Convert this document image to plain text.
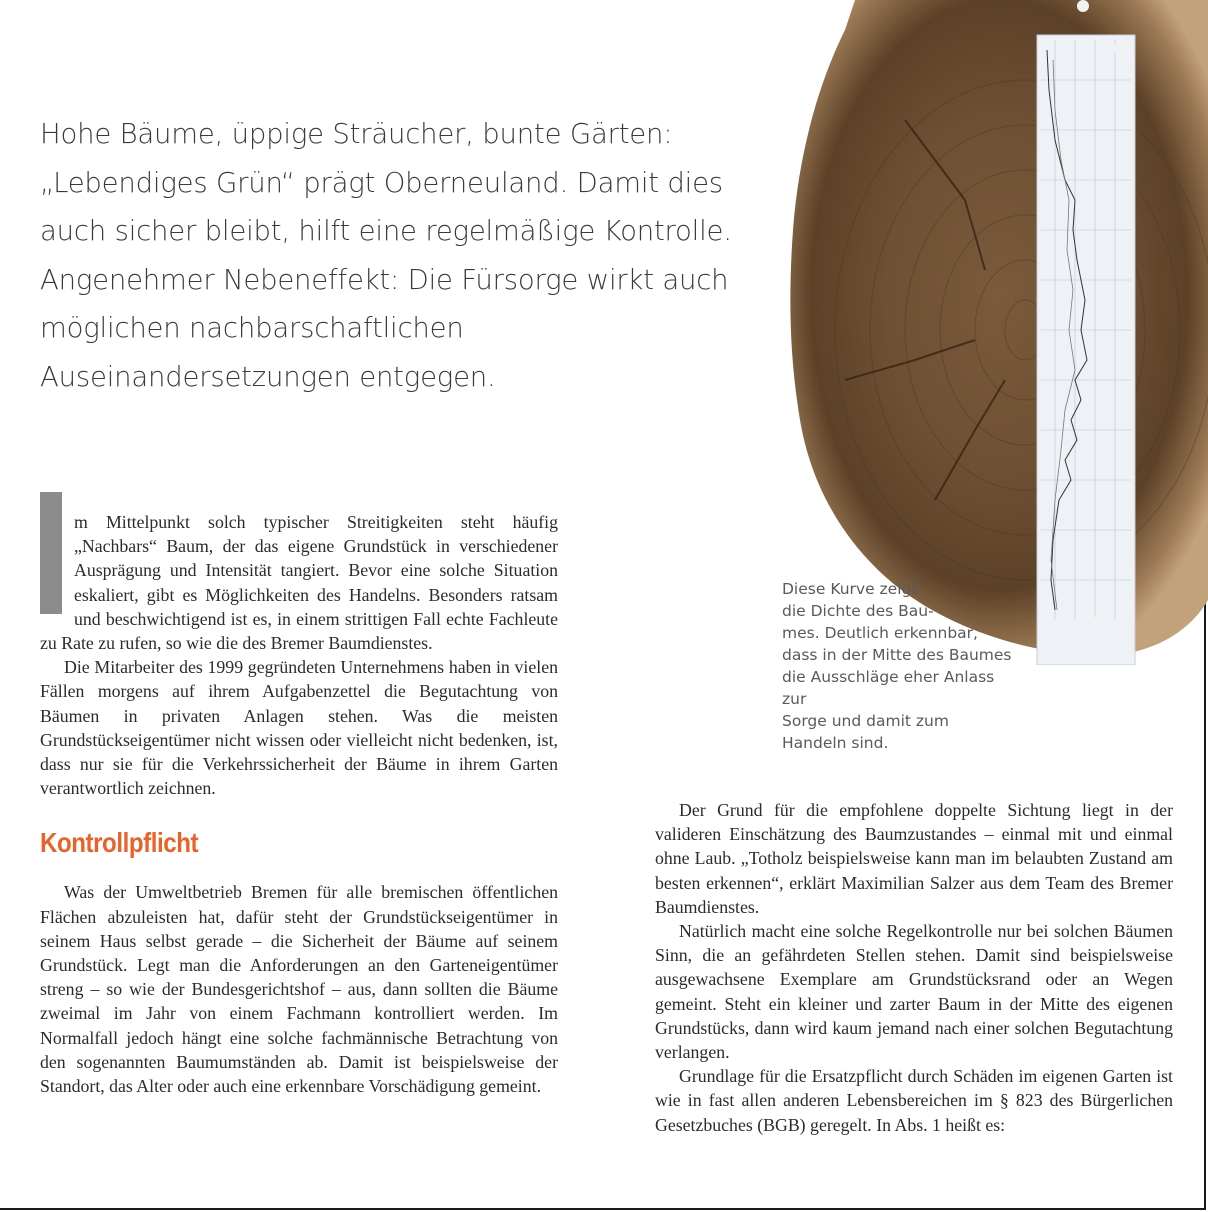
Hohe Bäume, üppige Sträucher, bunte Gärten: „Lebendiges Grün“ prägt Oberneuland. Damit dies auch sicher bleibt, hilft eine regelmäßige Kontrolle. Angenehmer Nebeneffekt: Die Fürsorge wirkt auch möglichen nachbarschaftlichen Auseinandersetzungen entgegen.

Diese Kurve zeigt
die Dichte des Bau-
mes. Deutlich erkennbar,
dass in der Mitte des Baumes
die Ausschläge eher Anlass zur
Sorge und damit zum Handeln sind.

m Mittelpunkt solch typischer Streitigkeiten steht häufig „Nachbars“ Baum, der das eigene Grundstück in verschiedener Ausprägung und Intensität tangiert. Bevor eine solche Situation eskaliert, gibt es Möglichkeiten des Handelns. Besonders ratsam und beschwichtigend ist es, in einem strittigen Fall echte Fachleute zu Rate zu rufen, so wie die des Bremer Baumdienstes.

Die Mitarbeiter des 1999 gegründeten Unternehmens haben in vielen Fällen morgens auf ihrem Aufgabenzettel die Begutachtung von Bäumen in privaten Anlagen stehen. Was die meisten Grundstückseigentümer nicht wissen oder vielleicht nicht bedenken, ist, dass nur sie für die Verkehrssicherheit der Bäume in ihrem Garten verantwortlich zeichnen.

Kontrollpflicht

Was der Umweltbetrieb Bremen für alle bremischen öffentlichen Flächen abzuleisten hat, dafür steht der Grundstückseigentümer in seinem Haus selbst gerade – die Sicherheit der Bäume auf seinem Grundstück. Legt man die Anforderungen an den Garteneigentümer streng – so wie der Bundesgerichtshof – aus, dann sollten die Bäume zweimal im Jahr von einem Fachmann kontrolliert werden. Im Normalfall jedoch hängt eine solche fachmännische Betrachtung von den sogenannten Baumumständen ab. Damit ist beispielsweise der Standort, das Alter oder auch eine erkennbare Vorschädigung gemeint.

Der Grund für die empfohlene doppelte Sichtung liegt in der valideren Einschätzung des Baumzustandes – einmal mit und einmal ohne Laub. „Totholz beispielsweise kann man im belaubten Zustand am besten erkennen“, erklärt Maximilian Salzer aus dem Team des Bremer Baumdienstes.

Natürlich macht eine solche Regelkontrolle nur bei solchen Bäumen Sinn, die an gefährdeten Stellen stehen. Damit sind beispielsweise ausgewachsene Exemplare am Grundstücksrand oder an Wegen gemeint. Steht ein kleiner und zarter Baum in der Mitte des eigenen Grundstücks, dann wird kaum jemand nach einer solchen Begutachtung verlangen.

Grundlage für die Ersatzpflicht durch Schäden im eigenen Garten ist wie in fast allen anderen Lebensbereichen im § 823 des Bürgerlichen Gesetzbuches (BGB) geregelt. In Abs. 1 heißt es:
